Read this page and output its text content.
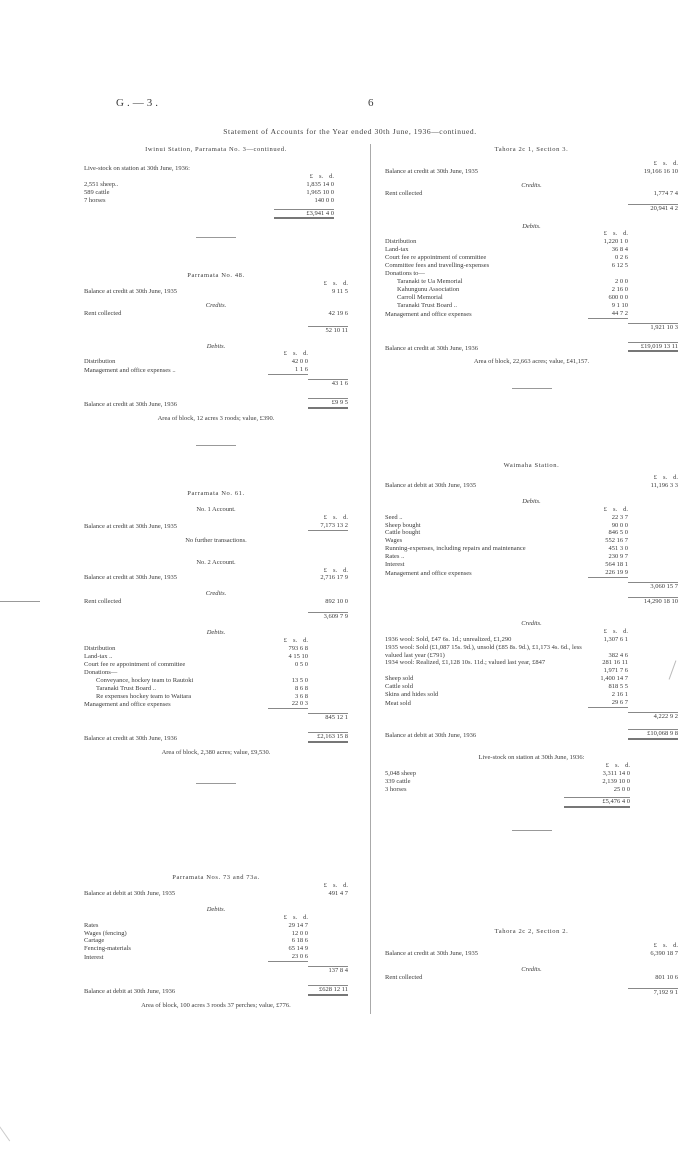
G.—3.	6
Statement of Accounts for the Year ended 30th June, 1936—continued.
Iwinui Station, Parramata No. 3—continued.
Live-stock on station at 30th June, 1936:
£ s. d.
2,551 sheep..	1,835 14 0
589 cattle	1,965 10 0
7 horses	140 0 0
£3,941 4 0
Parramata No. 48.
£ s. d.
Balance at credit at 30th June, 1935	9 11 5
Credits.
Rent collected	42 19 6
52 10 11
Debits.
£ s. d.
Distribution	42 0 0
Management and office expenses ..	1 1 6
43 1 6
Balance at credit at 30th June, 1936	£9 9 5
Area of block, 12 acres 3 roods; value, £390.
Parramata No. 61.
No. 1 Account.
£ s. d.
Balance at credit at 30th June, 1935	7,173 13 2
No further transactions.
No. 2 Account.
£ s. d.
Balance at credit at 30th June, 1935	2,716 17 9
Credits.
Rent collected	892 10 0
3,609 7 9
Debits.
£ s. d.
Distribution	793 6 8
Land-tax ..	4 15 10
Court fee re appointment of committee	0 5 0
Donations—
Conveyance, hockey team to Rautoki	13 5 0
Taranaki Trust Board ..	8 6 8
Re expenses hockey team to Waitara	3 6 8
Management and office expenses	22 0 3
845 12 1
Balance at credit at 30th June, 1936	£2,163 15 8
Area of block, 2,380 acres; value, £9,530.
Parramata Nos. 73 and 73a.
£ s. d.
Balance at debit at 30th June, 1935	491 4 7
Debits.
£ s. d.
Rates	29 14 7
Wages (fencing)	12 0 0
Cartage	6 18 6
Fencing-materials	65 14 9
Interest	23 0 6
137 8 4
Balance at debit at 30th June, 1936	£628 12 11
Area of block, 100 acres 3 roods 37 perches; value, £776.
Tahora 2c 1, Section 3.
£ s. d.
Balance at credit at 30th June, 1935	19,166 16 10
Credits.
Rent collected	1,774 7 4
20,941 4 2
Debits.
£ s. d.
Distribution	1,220 1 0
Land-tax	36 8 4
Court fee re appointment of committee	0 2 6
Committee fees and travelling-expenses	6 12 5
Donations to—
Taranaki te Ua Memorial	2 0 0
Kahungunu Association	2 16 0
Carroll Memorial	600 0 0
Taranaki Trust Board ..	9 1 10
Management and office expenses	44 7 2
1,921 10 3
Balance at credit at 30th June, 1936	£19,019 13 11
Area of block, 22,663 acres; value, £41,157.
Waimaha Station.
£ s. d.
Balance at debit at 30th June, 1935	11,196 3 3
Debits.
£ s. d.
Seed ..	22 3 7
Sheep bought	90 0 0
Cattle bought	846 5 0
Wages	552 16 7
Running-expenses, including repairs and maintenance	451 3 0
Rates ..	230 9 7
Interest	564 18 1
Management and office expenses	226 19 9
3,060 15 7
14,290 18 10
Credits.
£ s. d.
1936 wool: Sold, £47 6s. 1d.; unrealized, £1,290	1,307 6 1
1935 wool: Sold (£1,087 15s. 9d.), unsold (£85 8s. 9d.), £1,173 4s. 6d., less valued last year (£791)	382 4 6
1934 wool: Realized, £1,128 10s. 11d.; valued last year, £847	281 16 11
1,971 7 6
Sheep sold	1,400 14 7
Cattle sold	818 5 5
Skins and hides sold	2 16 1
Meat sold	29 6 7
4,222 9 2
Balance at debit at 30th June, 1936	£10,068 9 8
Live-stock on station at 30th June, 1936:
£ s. d.
5,048 sheep	3,311 14 0
339 cattle	2,139 10 0
3 horses	25 0 0
£5,476 4 0
Tahora 2c 2, Section 2.
£ s. d.
Balance at credit at 30th June, 1935	6,390 18 7
Credits.
Rent collected	801 10 6
7,192 9 1
